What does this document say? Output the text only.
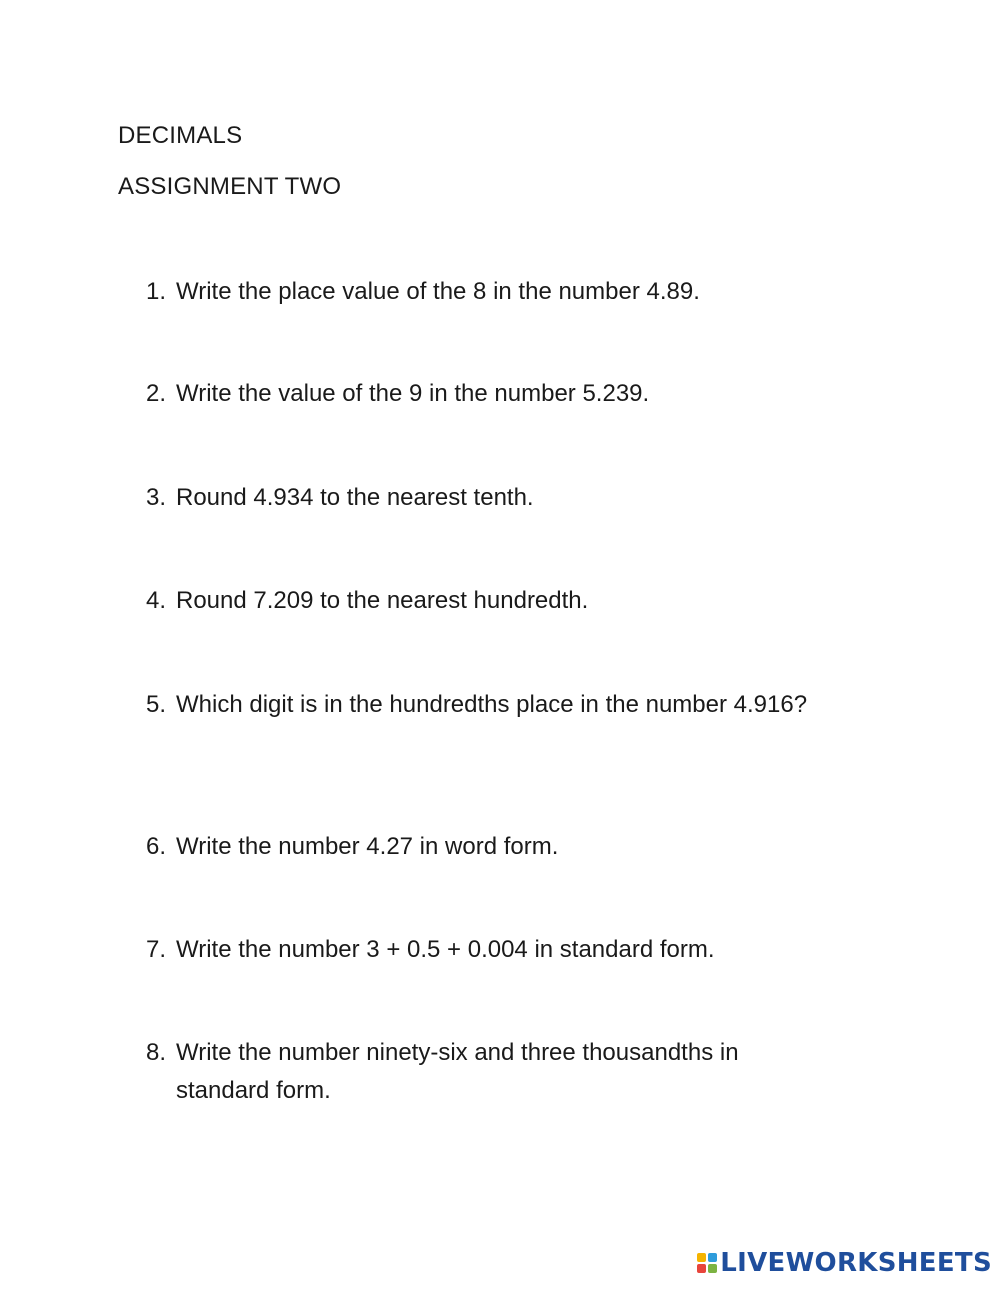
DECIMALS
ASSIGNMENT TWO
1. Write the place value of the 8 in the number 4.89.
2. Write the value of the 9 in the number 5.239.
3. Round 4.934 to the nearest tenth.
4. Round 7.209 to the nearest hundredth.
5. Which digit is in the hundredths place in the number 4.916?
6. Write the number 4.27 in word form.
7. Write the number 3 + 0.5 + 0.004 in standard form.
8. Write the number ninety-six and three thousandths in standard form.
LIVEWORKSHEETS
